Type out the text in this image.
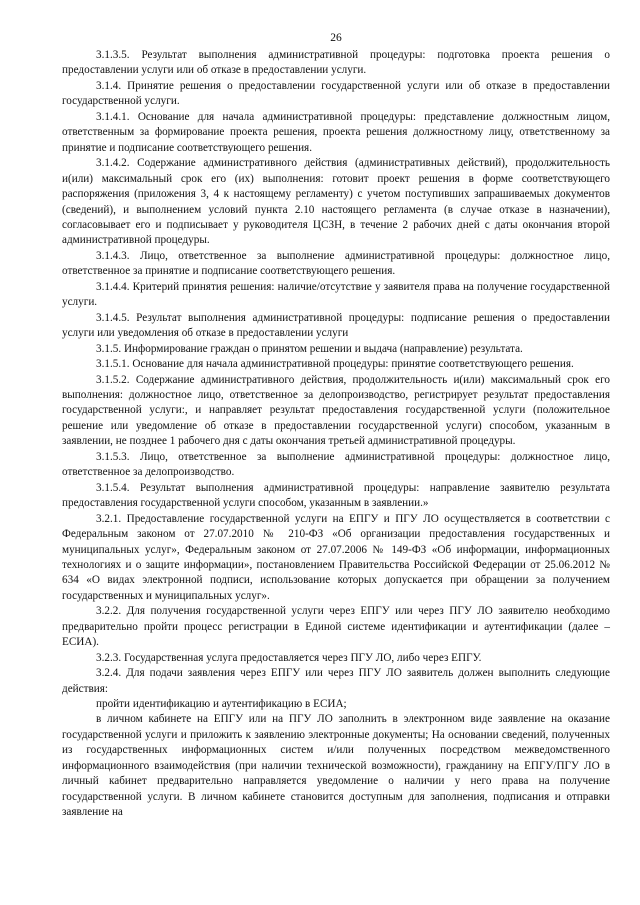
26

3.1.3.5. Результат выполнения административной процедуры: подготовка проекта решения о предоставлении услуги или об отказе в предоставлении услуги.

3.1.4. Принятие решения о предоставлении государственной услуги или об отказе в предоставлении государственной услуги.

3.1.4.1. Основание для начала административной процедуры: представление должностным лицом, ответственным за формирование проекта решения, проекта решения должностному лицу, ответственному за принятие и подписание соответствующего решения.

3.1.4.2. Содержание административного действия (административных действий), продолжительность и(или) максимальный срок его (их) выполнения: готовит проект решения в форме соответствующего распоряжения (приложения 3, 4 к настоящему регламенту) с учетом поступивших запрашиваемых документов (сведений), и выполнением условий пункта 2.10 настоящего регламента (в случае отказе в назначении), согласовывает его и подписывает у руководителя ЦСЗН, в течение 2 рабочих дней с даты окончания второй административной процедуры.

3.1.4.3. Лицо, ответственное за выполнение административной процедуры: должностное лицо, ответственное за принятие и подписание соответствующего решения.

3.1.4.4. Критерий принятия решения: наличие/отсутствие у заявителя права на получение государственной услуги.

3.1.4.5. Результат выполнения административной процедуры: подписание решения о предоставлении услуги или уведомления об отказе в предоставлении услуги

3.1.5. Информирование граждан о принятом решении и выдача (направление) результата.

3.1.5.1. Основание для начала административной процедуры: принятие соответствующего решения.

3.1.5.2. Содержание административного действия, продолжительность и(или) максимальный срок его выполнения: должностное лицо, ответственное за делопроизводство, регистрирует результат предоставления государственной услуги:, и направляет результат предоставления государственной услуги (положительное решение или уведомление об отказе в предоставлении государственной услуги) способом, указанным в заявлении, не позднее 1 рабочего дня с даты окончания третьей административной процедуры.

3.1.5.3. Лицо, ответственное за выполнение административной процедуры: должностное лицо, ответственное за делопроизводство.

3.1.5.4. Результат выполнения административной процедуры: направление заявителю результата предоставления государственной услуги способом, указанным в заявлении.»

3.2.1. Предоставление государственной услуги на ЕПГУ и ПГУ ЛО осуществляется в соответствии с Федеральным законом от 27.07.2010 № 210-ФЗ «Об организации предоставления государственных и муниципальных услуг», Федеральным законом от 27.07.2006 № 149-ФЗ «Об информации, информационных технологиях и о защите информации», постановлением Правительства Российской Федерации от 25.06.2012 № 634 «О видах электронной подписи, использование которых допускается при обращении за получением государственных и муниципальных услуг».

3.2.2. Для получения государственной услуги через ЕПГУ или через ПГУ ЛО заявителю необходимо предварительно пройти процесс регистрации в Единой системе идентификации и аутентификации (далее – ЕСИА).

3.2.3. Государственная услуга предоставляется через ПГУ ЛО, либо через ЕПГУ.

3.2.4. Для подачи заявления через ЕПГУ или через ПГУ ЛО заявитель должен выполнить следующие действия:

пройти идентификацию и аутентификацию в ЕСИА;

в личном кабинете на ЕПГУ или на ПГУ ЛО заполнить в электронном виде заявление на оказание государственной услуги и приложить к заявлению электронные документы; На основании сведений, полученных из государственных информационных систем и/или полученных посредством межведомственного информационного взаимодействия (при наличии технической возможности), гражданину на ЕПГУ/ПГУ ЛО в личный кабинет предварительно направляется уведомление о наличии у него права на получение государственной услуги. В личном кабинете становится доступным для заполнения, подписания и отправки заявление на
